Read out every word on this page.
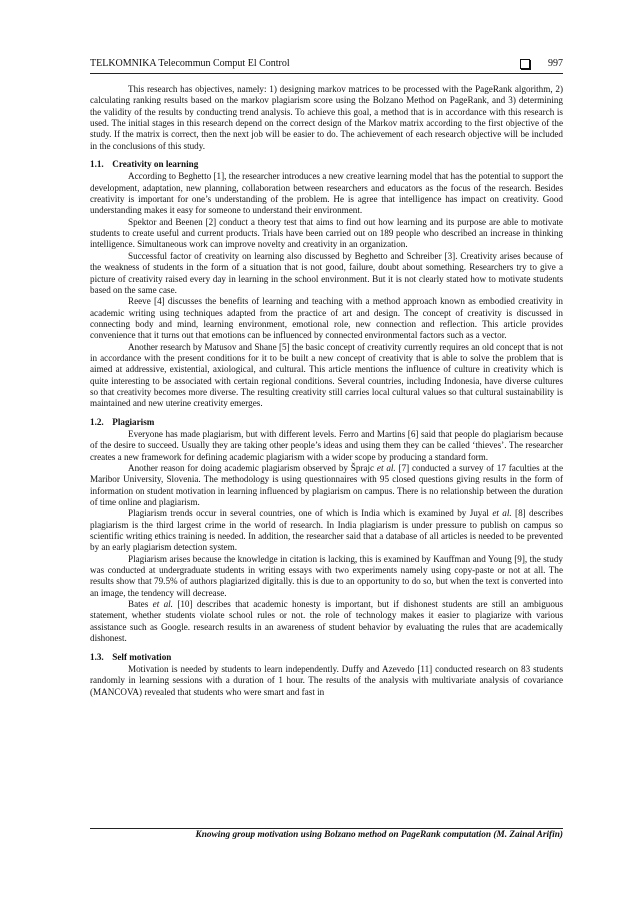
TELKOMNIKA Telecommun Comput El Control	997

This research has objectives, namely: 1) designing markov matrices to be processed with the PageRank algorithm, 2) calculating ranking results based on the markov plagiarism score using the Bolzano Method on PageRank, and 3) determining the validity of the results by conducting trend analysis. To achieve this goal, a method that is in accordance with this research is used. The initial stages in this research depend on the correct design of the Markov matrix according to the first objective of the study. If the matrix is correct, then the next job will be easier to do. The achievement of each research objective will be included in the conclusions of this study.

1.1. Creativity on learning

According to Beghetto [1], the researcher introduces a new creative learning model that has the potential to support the development, adaptation, new planning, collaboration between researchers and educators as the focus of the research. Besides creativity is important for one’s understanding of the problem. He is agree that intelligence has impact on creativity. Good understanding makes it easy for someone to understand their environment.

Spektor and Beenen [2] conduct a theory test that aims to find out how learning and its purpose are able to motivate students to create useful and current products. Trials have been carried out on 189 people who described an increase in thinking intelligence. Simultaneous work can improve novelty and creativity in an organization.

Successful factor of creativity on learning also discussed by Beghetto and Schreiber [3]. Creativity arises because of the weakness of students in the form of a situation that is not good, failure, doubt about something. Researchers try to give a picture of creativity raised every day in learning in the school environment. But it is not clearly stated how to motivate students based on the same case.

Reeve [4] discusses the benefits of learning and teaching with a method approach known as embodied creativity in academic writing using techniques adapted from the practice of art and design. The concept of creativity is discussed in connecting body and mind, learning environment, emotional role, new connection and reflection. This article provides convenience that it turns out that emotions can be influenced by connected environmental factors such as a vector.

Another research by Matusov and Shane [5] the basic concept of creativity currently requires an old concept that is not in accordance with the present conditions for it to be built a new concept of creativity that is able to solve the problem that is aimed at addressive, existential, axiological, and cultural. This article mentions the influence of culture in creativity which is quite interesting to be associated with certain regional conditions. Several countries, including Indonesia, have diverse cultures so that creativity becomes more diverse. The resulting creativity still carries local cultural values so that cultural sustainability is maintained and new uterine creativity emerges.

1.2. Plagiarism

Everyone has made plagiarism, but with different levels. Ferro and Martins [6] said that people do plagiarism because of the desire to succeed. Usually they are taking other people’s ideas and using them they can be called ‘thieves’. The researcher creates a new framework for defining academic plagiarism with a wider scope by producing a standard form.

Another reason for doing academic plagiarism observed by Šprajc et al. [7] conducted a survey of 17 faculties at the Maribor University, Slovenia. The methodology is using questionnaires with 95 closed questions giving results in the form of information on student motivation in learning influenced by plagiarism on campus. There is no relationship between the duration of time online and plagiarism.

Plagiarism trends occur in several countries, one of which is India which is examined by Juyal et al. [8] describes plagiarism is the third largest crime in the world of research. In India plagiarism is under pressure to publish on campus so scientific writing ethics training is needed. In addition, the researcher said that a database of all articles is needed to be prevented by an early plagiarism detection system.

Plagiarism arises because the knowledge in citation is lacking, this is examined by Kauffman and Young [9], the study was conducted at undergraduate students in writing essays with two experiments namely using copy-paste or not at all. The results show that 79.5% of authors plagiarized digitally. this is due to an opportunity to do so, but when the text is converted into an image, the tendency will decrease.

Bates et al. [10] describes that academic honesty is important, but if dishonest students are still an ambiguous statement, whether students violate school rules or not. the role of technology makes it easier to plagiarize with various assistance such as Google. research results in an awareness of student behavior by evaluating the rules that are academically dishonest.

1.3. Self motivation

Motivation is needed by students to learn independently. Duffy and Azevedo [11] conducted research on 83 students randomly in learning sessions with a duration of 1 hour. The results of the analysis with multivariate analysis of covariance (MANCOVA) revealed that students who were smart and fast in

Knowing group motivation using Bolzano method on PageRank computation (M. Zainal Arifin)
